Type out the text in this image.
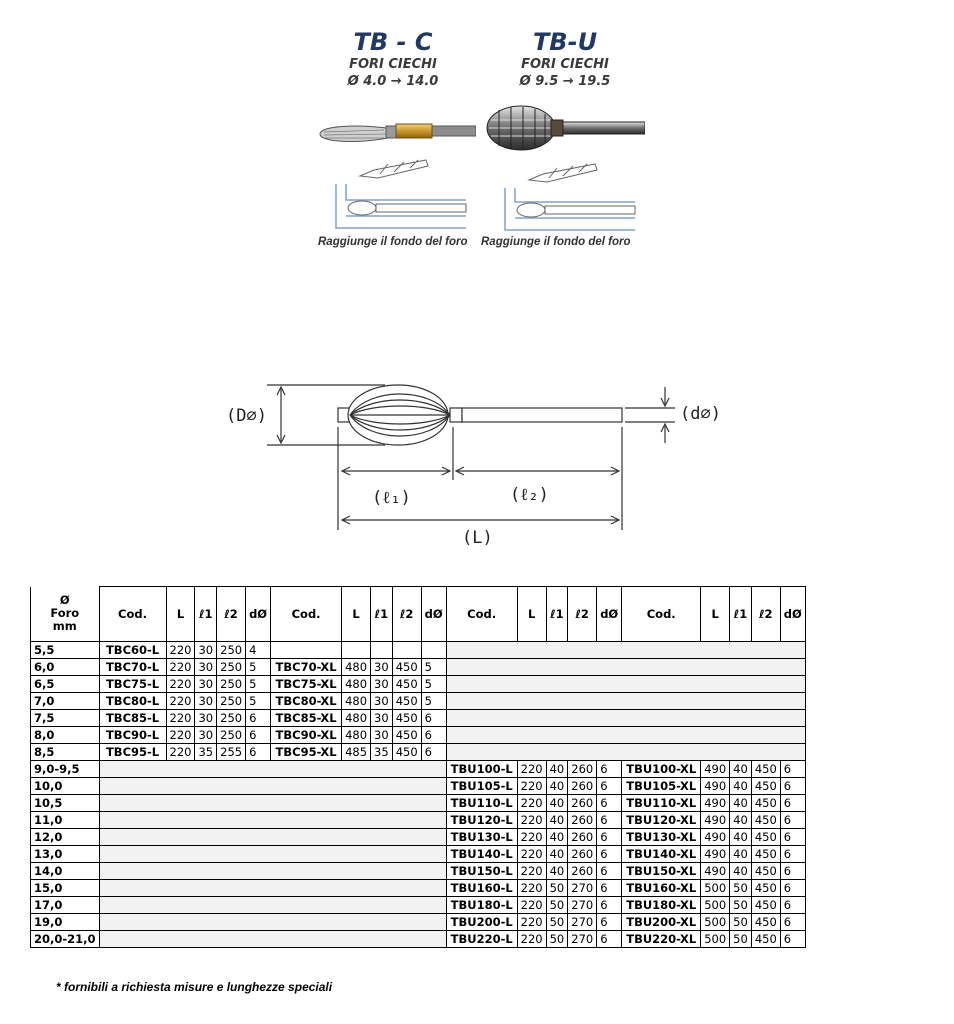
TB - C
FORI CIECHI
Ø 4.0 → 14.0
TB-U
FORI CIECHI
Ø 9.5 → 19.5
Raggiunge il fondo del foro Raggiunge il fondo del foro
(D⌀)	(d⌀)
(ℓ₁)	(ℓ₂)
(L)
Ø
Foro
mm	Cod.	L	ℓ1	ℓ2	dØ	Cod.	L	ℓ1	ℓ2	dØ	Cod.	L	ℓ1	ℓ2	dØ	Cod.	L	ℓ1	ℓ2	dØ
5,5	TBC60-L	220	30	250	4															
6,0	TBC70-L	220	30	250	5	TBC70-XL	480	30	450	5										
6,5	TBC75-L	220	30	250	5	TBC75-XL	480	30	450	5										
7,0	TBC80-L	220	30	250	5	TBC80-XL	480	30	450	5										
7,5	TBC85-L	220	30	250	6	TBC85-XL	480	30	450	6										
8,0	TBC90-L	220	30	250	6	TBC90-XL	480	30	450	6										
8,5	TBC95-L	220	35	255	6	TBC95-XL	485	35	450	6										
9,0-9,5											TBU100-L	220	40	260	6	TBU100-XL	490	40	450	6
10,0											TBU105-L	220	40	260	6	TBU105-XL	490	40	450	6
10,5											TBU110-L	220	40	260	6	TBU110-XL	490	40	450	6
11,0											TBU120-L	220	40	260	6	TBU120-XL	490	40	450	6
12,0											TBU130-L	220	40	260	6	TBU130-XL	490	40	450	6
13,0											TBU140-L	220	40	260	6	TBU140-XL	490	40	450	6
14,0											TBU150-L	220	40	260	6	TBU150-XL	490	40	450	6
15,0											TBU160-L	220	50	270	6	TBU160-XL	500	50	450	6
17,0											TBU180-L	220	50	270	6	TBU180-XL	500	50	450	6
19,0											TBU200-L	220	50	270	6	TBU200-XL	500	50	450	6
20,0-21,0											TBU220-L	220	50	270	6	TBU220-XL	500	50	450	6
* fornibili a richiesta misure e lunghezze speciali
